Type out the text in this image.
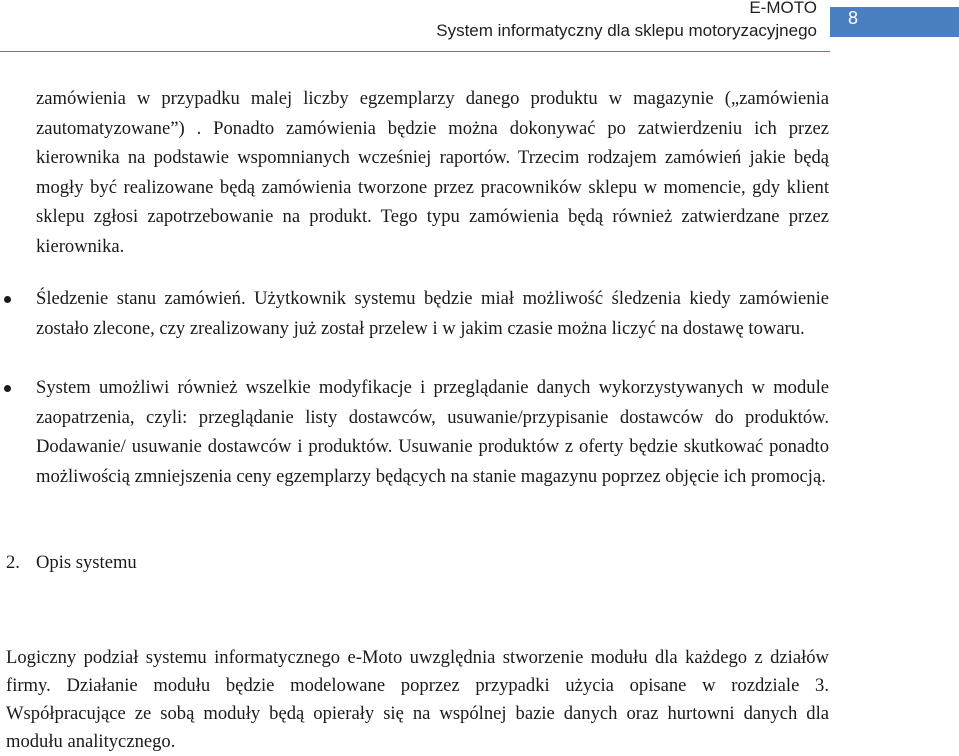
E-MOTO
System informatyczny dla sklepu motoryzacyjnego
8

zamówienia w przypadku malej liczby egzemplarzy danego produktu w magazynie („zamówienia zautomatyzowane”) . Ponadto zamówienia będzie można dokonywać po zatwierdzeniu ich przez kierownika na podstawie wspomnianych wcześniej raportów. Trzecim rodzajem zamówień jakie będą mogły być realizowane będą zamówienia tworzone przez pracowników sklepu w momencie, gdy klient sklepu zgłosi zapotrzebowanie na produkt. Tego typu zamówienia będą również zatwierdzane przez kierownika.

Śledzenie stanu zamówień. Użytkownik systemu będzie miał możliwość śledzenia kiedy zamówienie zostało zlecone, czy zrealizowany już został przelew i w jakim czasie można liczyć na dostawę towaru.

System umożliwi również wszelkie modyfikacje i przeglądanie danych wykorzystywanych w module zaopatrzenia, czyli: przeglądanie listy dostawców, usuwanie/przypisanie dostawców do produktów. Dodawanie/ usuwanie dostawców i produktów. Usuwanie produktów z oferty będzie skutkować ponadto możliwością zmniejszenia ceny egzemplarzy będących na stanie magazynu poprzez objęcie ich promocją.

2. Opis systemu

Logiczny podział systemu informatycznego e-Moto uwzględnia stworzenie modułu dla każdego z działów firmy. Działanie modułu będzie modelowane poprzez przypadki użycia opisane w rozdziale 3. Współpracujące ze sobą moduły będą opierały się na wspólnej bazie danych oraz hurtowni danych dla modułu analitycznego.
